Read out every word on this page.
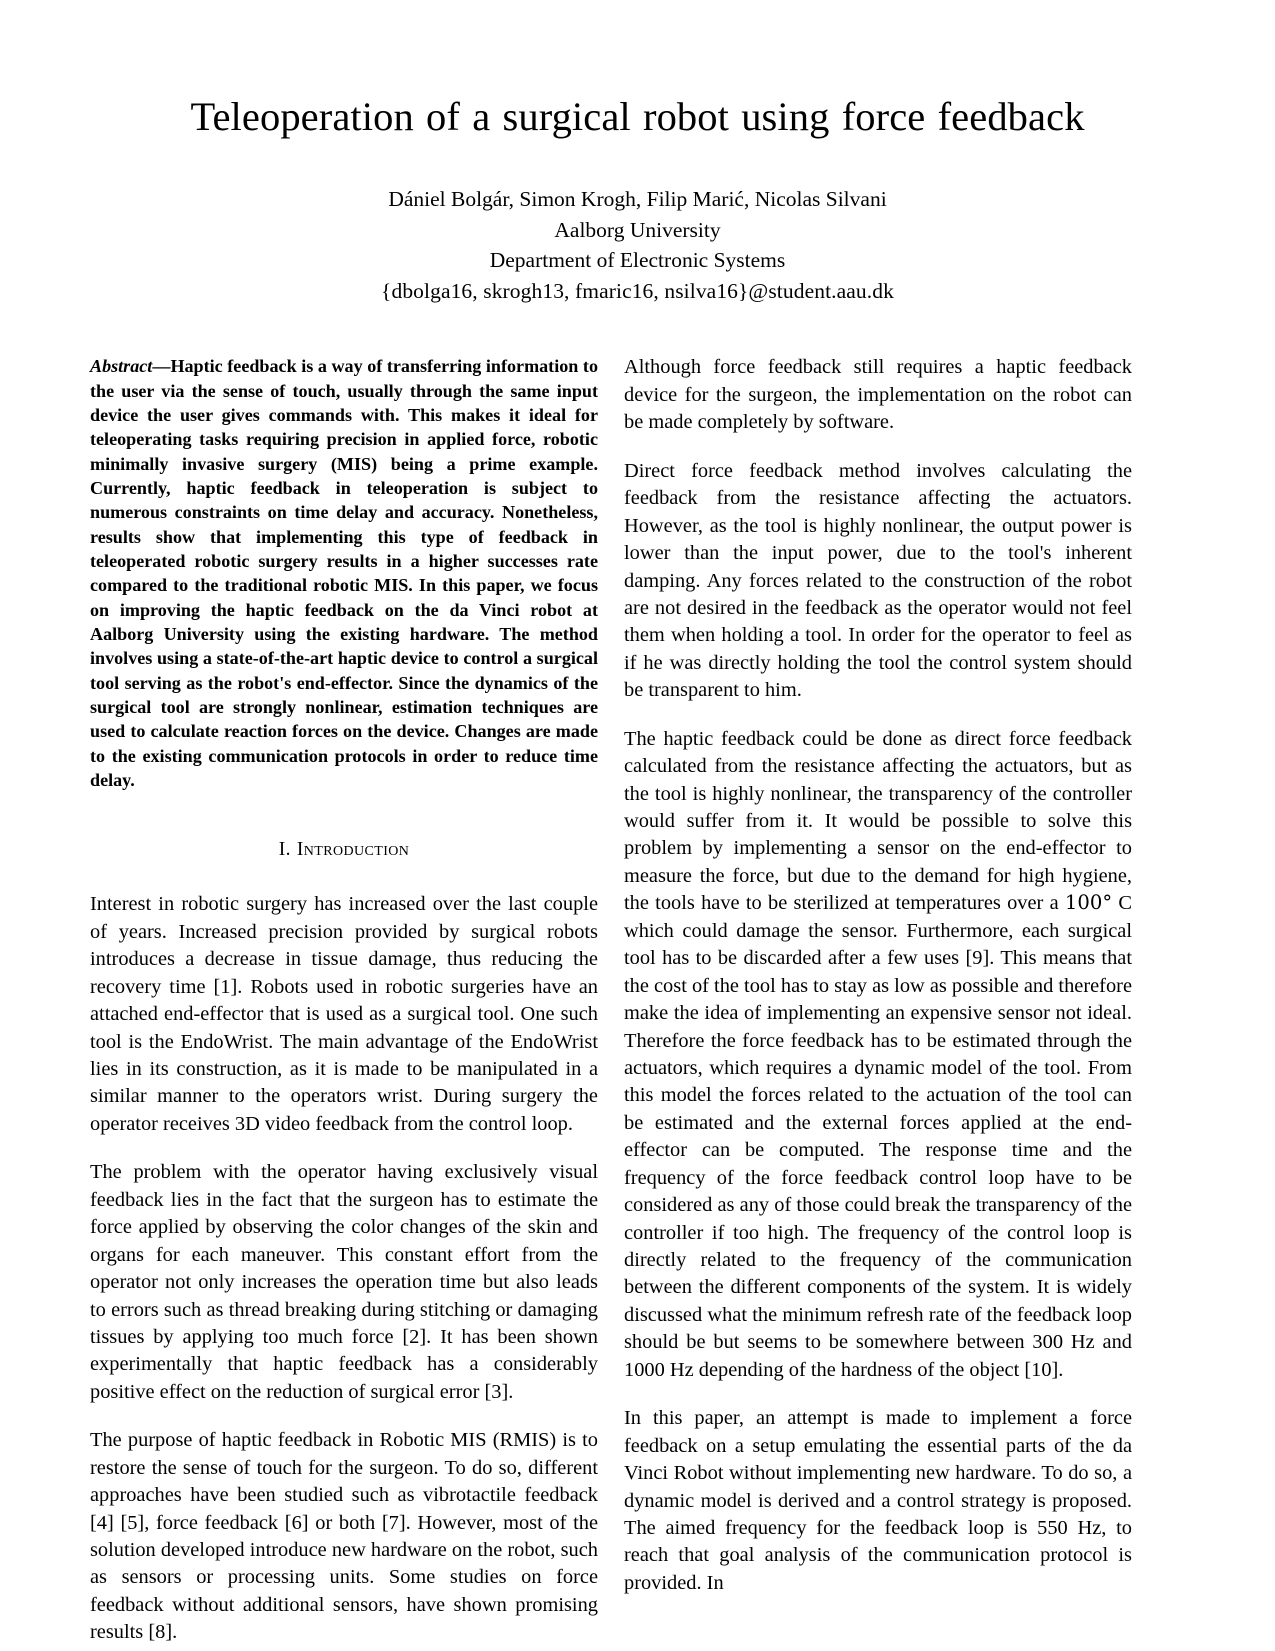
Teleoperation of a surgical robot using force feedback
Dániel Bolgár, Simon Krogh, Filip Marić, Nicolas Silvani
Aalborg University
Department of Electronic Systems
{dbolga16, skrogh13, fmaric16, nsilva16}@student.aau.dk

Abstract—Haptic feedback is a way of transferring information to the user via the sense of touch, usually through the same input device the user gives commands with. This makes it ideal for teleoperating tasks requiring precision in applied force, robotic minimally invasive surgery (MIS) being a prime example. Currently, haptic feedback in teleoperation is subject to numerous constraints on time delay and accuracy. Nonetheless, results show that implementing this type of feedback in teleoperated robotic surgery results in a higher successes rate compared to the traditional robotic MIS. In this paper, we focus on improving the haptic feedback on the da Vinci robot at Aalborg University using the existing hardware. The method involves using a state-of-the-art haptic device to control a surgical tool serving as the robot's end-effector. Since the dynamics of the surgical tool are strongly nonlinear, estimation techniques are used to calculate reaction forces on the device. Changes are made to the existing communication protocols in order to reduce time delay.

I. Introduction

Interest in robotic surgery has increased over the last couple of years. Increased precision provided by surgical robots introduces a decrease in tissue damage, thus reducing the recovery time [1]. Robots used in robotic surgeries have an attached end-effector that is used as a surgical tool. One such tool is the EndoWrist. The main advantage of the EndoWrist lies in its construction, as it is made to be manipulated in a similar manner to the operators wrist. During surgery the operator receives 3D video feedback from the control loop.

The problem with the operator having exclusively visual feedback lies in the fact that the surgeon has to estimate the force applied by observing the color changes of the skin and organs for each maneuver. This constant effort from the operator not only increases the operation time but also leads to errors such as thread breaking during stitching or damaging tissues by applying too much force [2]. It has been shown experimentally that haptic feedback has a considerably positive effect on the reduction of surgical error [3].

The purpose of haptic feedback in Robotic MIS (RMIS) is to restore the sense of touch for the surgeon. To do so, different approaches have been studied such as vibrotactile feedback [4] [5], force feedback [6] or both [7]. However, most of the solution developed introduce new hardware on the robot, such as sensors or processing units. Some studies on force feedback without additional sensors, have shown promising results [8].

Although force feedback still requires a haptic feedback device for the surgeon, the implementation on the robot can be made completely by software.

Direct force feedback method involves calculating the feedback from the resistance affecting the actuators. However, as the tool is highly nonlinear, the output power is lower than the input power, due to the tool's inherent damping. Any forces related to the construction of the robot are not desired in the feedback as the operator would not feel them when holding a tool. In order for the operator to feel as if he was directly holding the tool the control system should be transparent to him.

The haptic feedback could be done as direct force feedback calculated from the resistance affecting the actuators, but as the tool is highly nonlinear, the transparency of the controller would suffer from it. It would be possible to solve this problem by implementing a sensor on the end-effector to measure the force, but due to the demand for high hygiene, the tools have to be sterilized at temperatures over a 100° C which could damage the sensor. Furthermore, each surgical tool has to be discarded after a few uses [9]. This means that the cost of the tool has to stay as low as possible and therefore make the idea of implementing an expensive sensor not ideal. Therefore the force feedback has to be estimated through the actuators, which requires a dynamic model of the tool. From this model the forces related to the actuation of the tool can be estimated and the external forces applied at the end-effector can be computed. The response time and the frequency of the force feedback control loop have to be considered as any of those could break the transparency of the controller if too high. The frequency of the control loop is directly related to the frequency of the communication between the different components of the system. It is widely discussed what the minimum refresh rate of the feedback loop should be but seems to be somewhere between 300 Hz and 1000 Hz depending of the hardness of the object [10].

In this paper, an attempt is made to implement a force feedback on a setup emulating the essential parts of the da Vinci Robot without implementing new hardware. To do so, a dynamic model is derived and a control strategy is proposed. The aimed frequency for the feedback loop is 550 Hz, to reach that goal analysis of the communication protocol is provided. In
